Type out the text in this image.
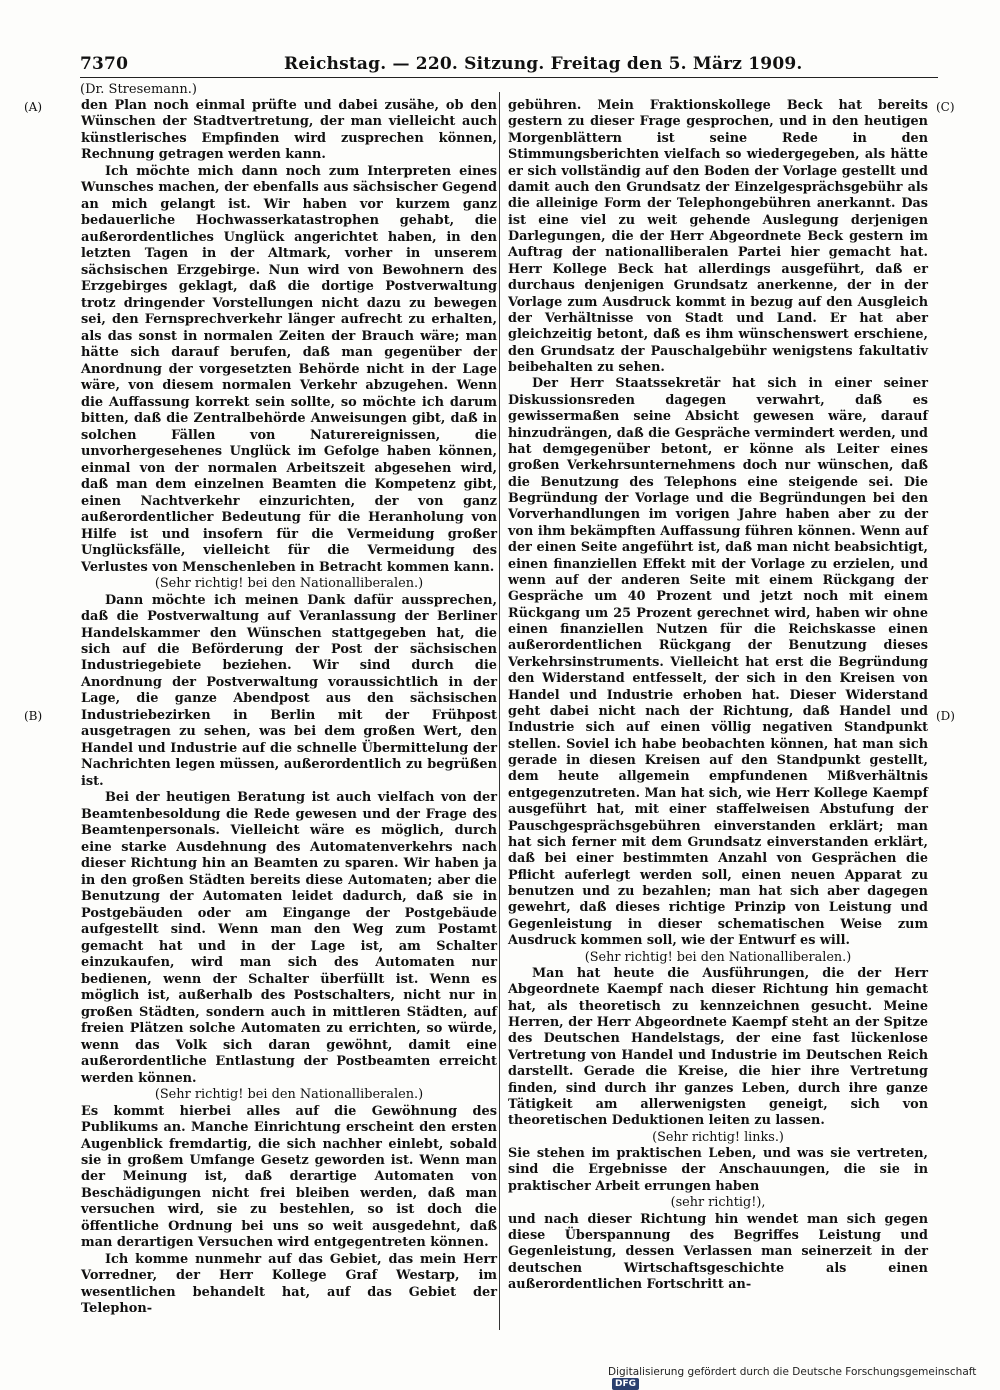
7370	Reichstag. — 220. Sitzung. Freitag den 5. März 1909.
(Dr. Stresemann.)
(A)
(B)
(C)
(D)

den Plan noch einmal prüfte und dabei zusähe, ob den Wünschen der Stadtvertretung, der man vielleicht auch künstlerisches Empfinden wird zusprechen können, Rechnung getragen werden kann.

Ich möchte mich dann noch zum Interpreten eines Wunsches machen, der ebenfalls aus sächsischer Gegend an mich gelangt ist. Wir haben vor kurzem ganz bedauerliche Hochwasserkatastrophen gehabt, die außerordentliches Unglück angerichtet haben, in den letzten Tagen in der Altmark, vorher in unserem sächsischen Erzgebirge. Nun wird von Bewohnern des Erzgebirges geklagt, daß die dortige Postverwaltung trotz dringender Vorstellungen nicht dazu zu bewegen sei, den Fernsprechverkehr länger aufrecht zu erhalten, als das sonst in normalen Zeiten der Brauch wäre; man hätte sich darauf berufen, daß man gegenüber der Anordnung der vorgesetzten Behörde nicht in der Lage wäre, von diesem normalen Verkehr abzugehen. Wenn die Auffassung korrekt sein sollte, so möchte ich darum bitten, daß die Zentralbehörde Anweisungen gibt, daß in solchen Fällen von Naturereignissen, die unvorhergesehenes Unglück im Gefolge haben können, einmal von der normalen Arbeitszeit abgesehen wird, daß man dem einzelnen Beamten die Kompetenz gibt, einen Nachtverkehr einzurichten, der von ganz außerordentlicher Bedeutung für die Heranholung von Hilfe ist und insofern für die Vermeidung großer Unglücksfälle, vielleicht für die Vermeidung des Verlustes von Menschenleben in Betracht kommen kann.

(Sehr richtig! bei den Nationalliberalen.)

Dann möchte ich meinen Dank dafür aussprechen, daß die Postverwaltung auf Veranlassung der Berliner Handelskammer den Wünschen stattgegeben hat, die sich auf die Beförderung der Post der sächsischen Industriegebiete beziehen. Wir sind durch die Anordnung der Postverwaltung voraussichtlich in der Lage, die ganze Abendpost aus den sächsischen Industriebezirken in Berlin mit der Frühpost ausgetragen zu sehen, was bei dem großen Wert, den Handel und Industrie auf die schnelle Übermittelung der Nachrichten legen müssen, außerordentlich zu begrüßen ist.

Bei der heutigen Beratung ist auch vielfach von der Beamtenbesoldung die Rede gewesen und der Frage des Beamtenpersonals. Vielleicht wäre es möglich, durch eine starke Ausdehnung des Automatenverkehrs nach dieser Richtung hin an Beamten zu sparen. Wir haben ja in den großen Städten bereits diese Automaten; aber die Benutzung der Automaten leidet dadurch, daß sie in Postgebäuden oder am Eingange der Postgebäude aufgestellt sind. Wenn man den Weg zum Postamt gemacht hat und in der Lage ist, am Schalter einzukaufen, wird man sich des Automaten nur bedienen, wenn der Schalter überfüllt ist. Wenn es möglich ist, außerhalb des Postschalters, nicht nur in großen Städten, sondern auch in mittleren Städten, auf freien Plätzen solche Automaten zu errichten, so würde, wenn das Volk sich daran gewöhnt, damit eine außerordentliche Entlastung der Postbeamten erreicht werden können.

(Sehr richtig! bei den Nationalliberalen.)

Es kommt hierbei alles auf die Gewöhnung des Publikums an. Manche Einrichtung erscheint den ersten Augenblick fremdartig, die sich nachher einlebt, sobald sie in großem Umfange Gesetz geworden ist. Wenn man der Meinung ist, daß derartige Automaten von Beschädigungen nicht frei bleiben werden, daß man versuchen wird, sie zu bestehlen, so ist doch die öffentliche Ordnung bei uns so weit ausgedehnt, daß man derartigen Versuchen wird entgegentreten können.

Ich komme nunmehr auf das Gebiet, das mein Herr Vorredner, der Herr Kollege Graf Westarp, im wesentlichen behandelt hat, auf das Gebiet der Telephon-

gebühren. Mein Fraktionskollege Beck hat bereits gestern zu dieser Frage gesprochen, und in den heutigen Morgenblättern ist seine Rede in den Stimmungsberichten vielfach so wiedergegeben, als hätte er sich vollständig auf den Boden der Vorlage gestellt und damit auch den Grundsatz der Einzelgesprächsgebühr als die alleinige Form der Telephongebühren anerkannt. Das ist eine viel zu weit gehende Auslegung derjenigen Darlegungen, die der Herr Abgeordnete Beck gestern im Auftrag der nationalliberalen Partei hier gemacht hat. Herr Kollege Beck hat allerdings ausgeführt, daß er durchaus denjenigen Grundsatz anerkenne, der in der Vorlage zum Ausdruck kommt in bezug auf den Ausgleich der Verhältnisse von Stadt und Land. Er hat aber gleichzeitig betont, daß es ihm wünschenswert erschiene, den Grundsatz der Pauschalgebühr wenigstens fakultativ beibehalten zu sehen.

Der Herr Staatssekretär hat sich in einer seiner Diskussionsreden dagegen verwahrt, daß es gewissermaßen seine Absicht gewesen wäre, darauf hinzudrängen, daß die Gespräche vermindert werden, und hat demgegenüber betont, er könne als Leiter eines großen Verkehrsunternehmens doch nur wünschen, daß die Benutzung des Telephons eine steigende sei. Die Begründung der Vorlage und die Begründungen bei den Vorverhandlungen im vorigen Jahre haben aber zu der von ihm bekämpften Auffassung führen können. Wenn auf der einen Seite angeführt ist, daß man nicht beabsichtigt, einen finanziellen Effekt mit der Vorlage zu erzielen, und wenn auf der anderen Seite mit einem Rückgang der Gespräche um 40 Prozent und jetzt noch mit einem Rückgang um 25 Prozent gerechnet wird, haben wir ohne einen finanziellen Nutzen für die Reichskasse einen außerordentlichen Rückgang der Benutzung dieses Verkehrsinstruments. Vielleicht hat erst die Begründung den Widerstand entfesselt, der sich in den Kreisen von Handel und Industrie erhoben hat. Dieser Widerstand geht dabei nicht nach der Richtung, daß Handel und Industrie sich auf einen völlig negativen Standpunkt stellen. Soviel ich habe beobachten können, hat man sich gerade in diesen Kreisen auf den Standpunkt gestellt, dem heute allgemein empfundenen Mißverhältnis entgegenzutreten. Man hat sich, wie Herr Kollege Kaempf ausgeführt hat, mit einer staffelweisen Abstufung der Pauschgesprächsgebühren einverstanden erklärt; man hat sich ferner mit dem Grundsatz einverstanden erklärt, daß bei einer bestimmten Anzahl von Gesprächen die Pflicht auferlegt werden soll, einen neuen Apparat zu benutzen und zu bezahlen; man hat sich aber dagegen gewehrt, daß dieses richtige Prinzip von Leistung und Gegenleistung in dieser schematischen Weise zum Ausdruck kommen soll, wie der Entwurf es will.

(Sehr richtig! bei den Nationalliberalen.)

Man hat heute die Ausführungen, die der Herr Abgeordnete Kaempf nach dieser Richtung hin gemacht hat, als theoretisch zu kennzeichnen gesucht. Meine Herren, der Herr Abgeordnete Kaempf steht an der Spitze des Deutschen Handelstags, der eine fast lückenlose Vertretung von Handel und Industrie im Deutschen Reich darstellt. Gerade die Kreise, die hier ihre Vertretung finden, sind durch ihr ganzes Leben, durch ihre ganze Tätigkeit am allerwenigsten geneigt, sich von theoretischen Deduktionen leiten zu lassen.

(Sehr richtig! links.)

Sie stehen im praktischen Leben, und was sie vertreten, sind die Ergebnisse der Anschauungen, die sie in praktischer Arbeit errungen haben

(sehr richtig!),

und nach dieser Richtung hin wendet man sich gegen diese Überspannung des Begriffes Leistung und Gegenleistung, dessen Verlassen man seinerzeit in der deutschen Wirtschaftsgeschichte als einen außerordentlichen Fortschritt an-

Digitalisierung gefördert durch die Deutsche Forschungsgemeinschaft DFG
